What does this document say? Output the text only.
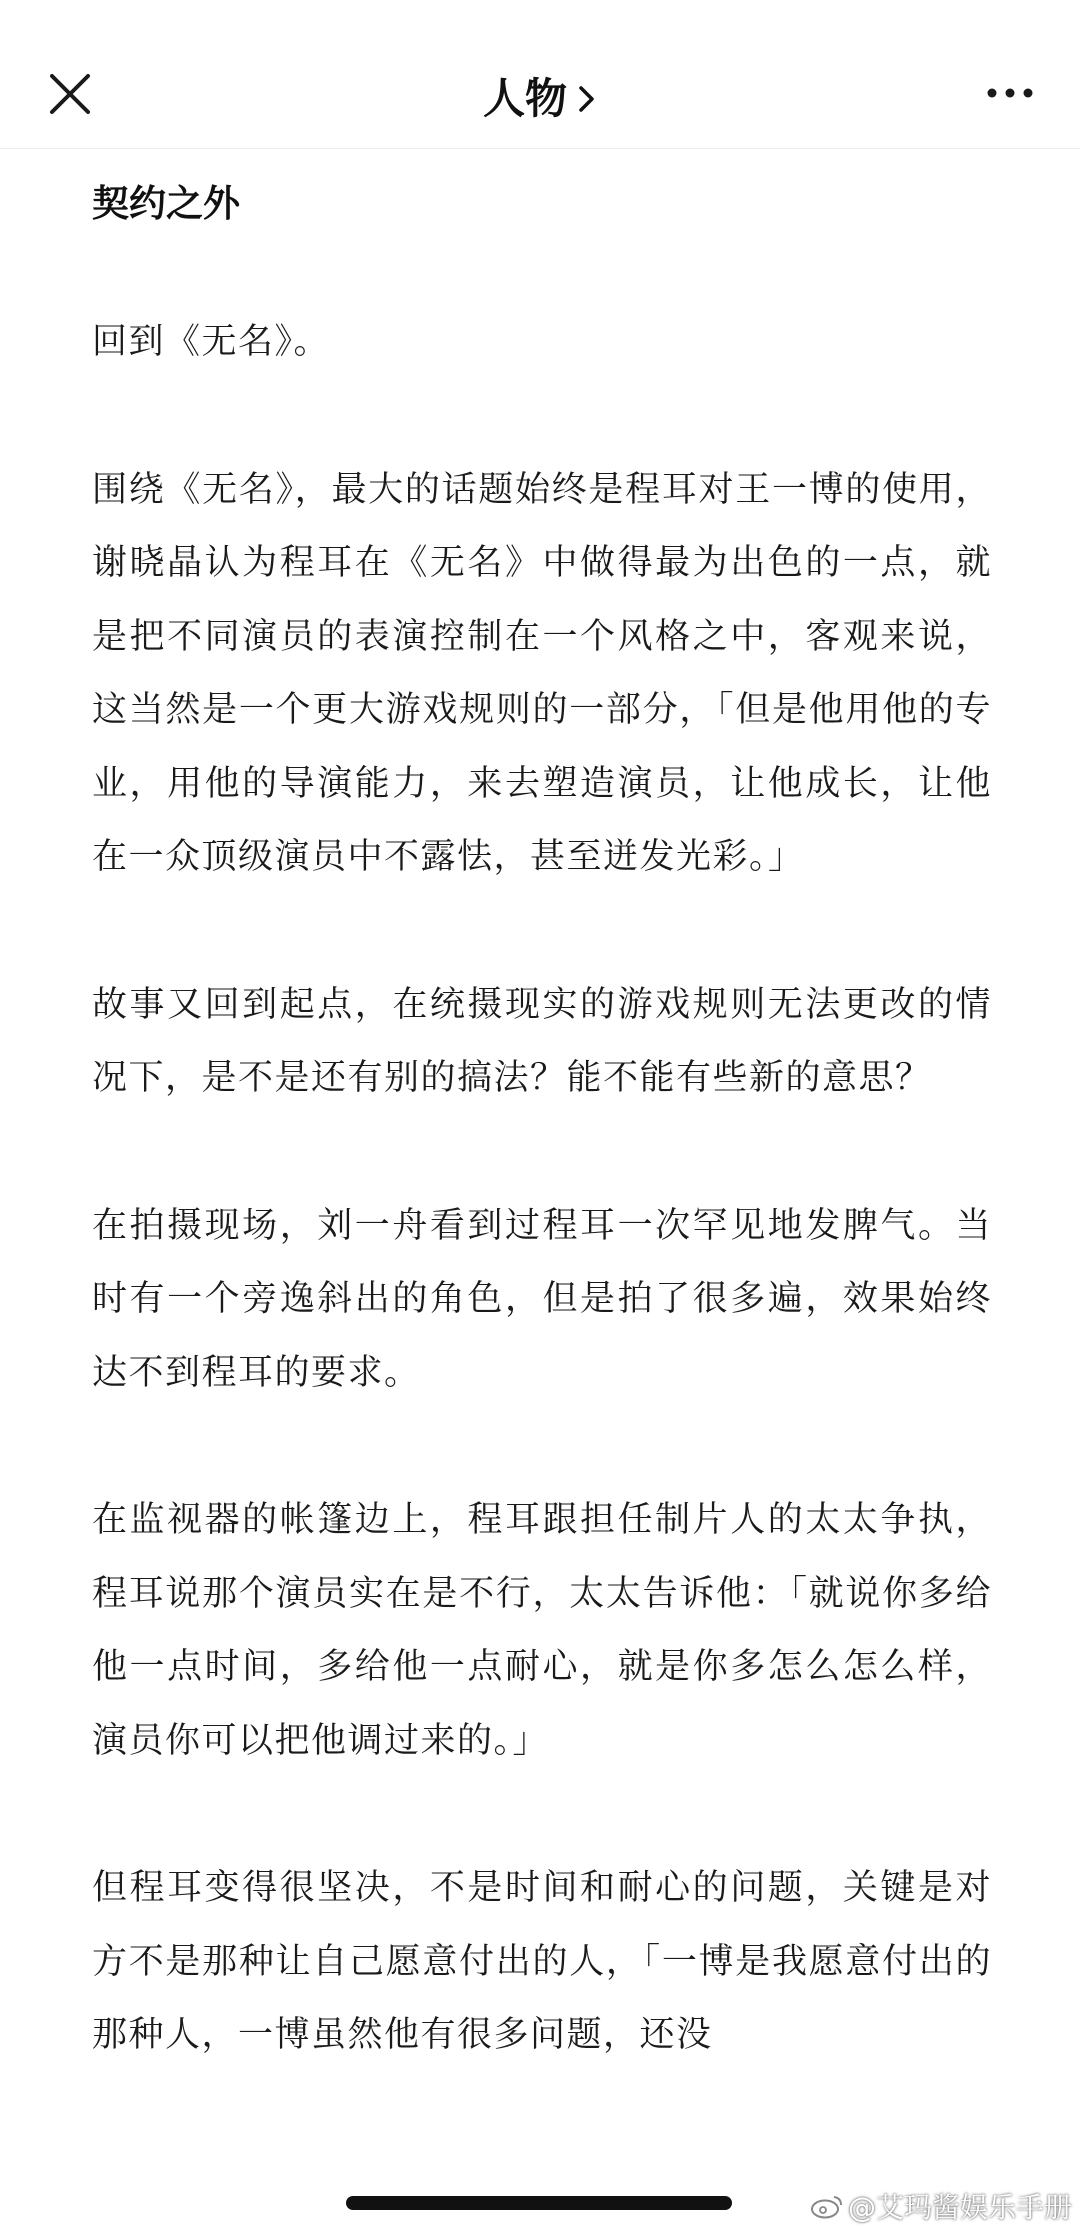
人物
契约之外

回到《无名》。

围绕《无名》，最大的话题始终是程耳对王一博的使用，谢晓晶认为程耳在《无名》中做得最为出色的一点，就是把不同演员的表演控制在一个风格之中，客观来说，这当然是一个更大游戏规则的一部分，「但是他用他的专业，用他的导演能力，来去塑造演员，让他成长，让他在一众顶级演员中不露怯，甚至迸发光彩。」

故事又回到起点，在统摄现实的游戏规则无法更改的情况下，是不是还有别的搞法？能不能有些新的意思？

在拍摄现场，刘一舟看到过程耳一次罕见地发脾气。当时有一个旁逸斜出的角色，但是拍了很多遍，效果始终达不到程耳的要求。

在监视器的帐篷边上，程耳跟担任制片人的太太争执，程耳说那个演员实在是不行，太太告诉他：「就说你多给他一点时间，多给他一点耐心，就是你多怎么怎么样，演员你可以把他调过来的。」

但程耳变得很坚决，不是时间和耐心的问题，关键是对方不是那种让自己愿意付出的人，「一博是我愿意付出的那种人，一博虽然他有很多问题，还没

@艾玛酱娱乐手册
